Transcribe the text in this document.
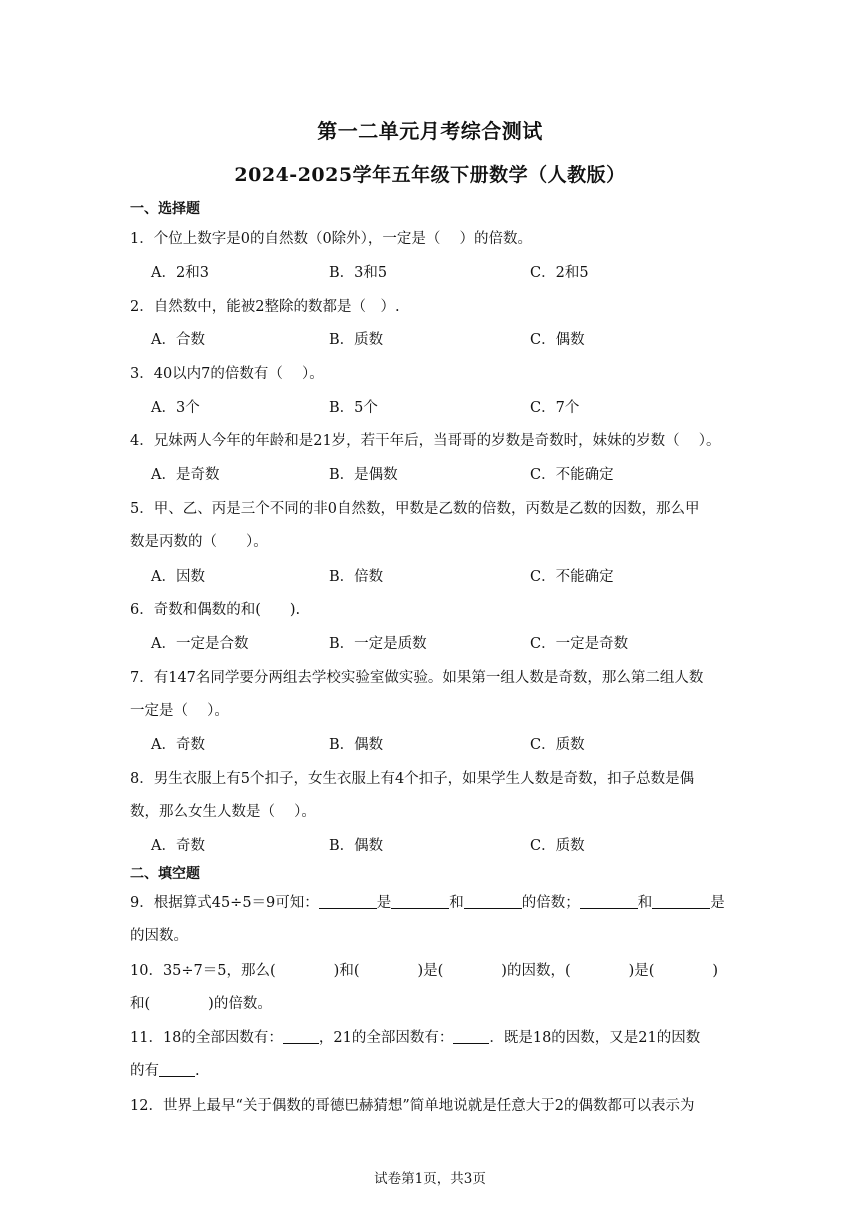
第一二单元月考综合测试
2024-2025学年五年级下册数学（人教版）
一、选择题
1．个位上数字是0的自然数（0除外），一定是（　 ）的倍数。
A．2和3	B．3和5	C．2和5
2．自然数中，能被2整除的数都是（　）.
A．合数	B．质数	C．偶数
3．40以内7的倍数有（　 ）。
A．3个	B．5个	C．7个
4．兄妹两人今年的年龄和是21岁，若干年后，当哥哥的岁数是奇数时，妹妹的岁数（　 ）。
A．是奇数	B．是偶数	C．不能确定
5．甲、乙、丙是三个不同的非0自然数，甲数是乙数的倍数，丙数是乙数的因数，那么甲
数是丙数的（　　）。
A．因数	B．倍数	C．不能确定
6．奇数和偶数的和(　　).
A．一定是合数	B．一定是质数	C．一定是奇数
7．有147名同学要分两组去学校实验室做实验。如果第一组人数是奇数，那么第二组人数
一定是（　 ）。
A．奇数	B．偶数	C．质数
8．男生衣服上有5个扣子，女生衣服上有4个扣子，如果学生人数是奇数，扣子总数是偶
数，那么女生人数是（　 ）。
A．奇数	B．偶数	C．质数
二、填空题
9．根据算式45÷5＝9可知：	是	和	的倍数；	和	是
的因数。
10．35÷7＝5，那么(　　　　)和(　　　　)是(　　　　)的因数，(　　　　)是(　　　　)
和(　　　　)的倍数。
11．18的全部因数有： ，21的全部因数有： ．既是18的因数，又是21的因数
的有 .
12．世界上最早“关于偶数的哥德巴赫猜想”简单地说就是任意大于2的偶数都可以表示为
试卷第1页，共3页
